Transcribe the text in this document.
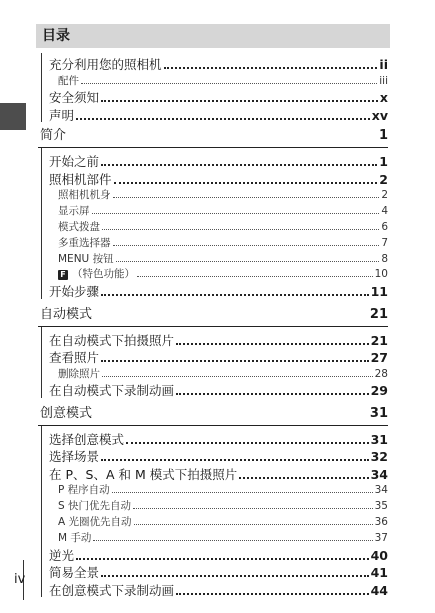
目录
充分利用您的照相机	ii
配件	iii
安全须知	x
声明	xv
简介	1
开始之前	1
照相机部件	2
照相机机身	2
显示屏	4
模式拨盘	6
多重选择器	7
MENU 按钮	8
F （特色功能）	10
开始步骤	11
自动模式	21
在自动模式下拍摄照片	21
查看照片	27
删除照片	28
在自动模式下录制动画	29
创意模式	31
选择创意模式	31
选择场景	32
在 P、S、A 和 M 模式下拍摄照片	34
P 程序自动	34
S 快门优先自动	35
A 光圈优先自动	36
M 手动	37
逆光	40
简易全景	41
在创意模式下录制动画	44
iv
